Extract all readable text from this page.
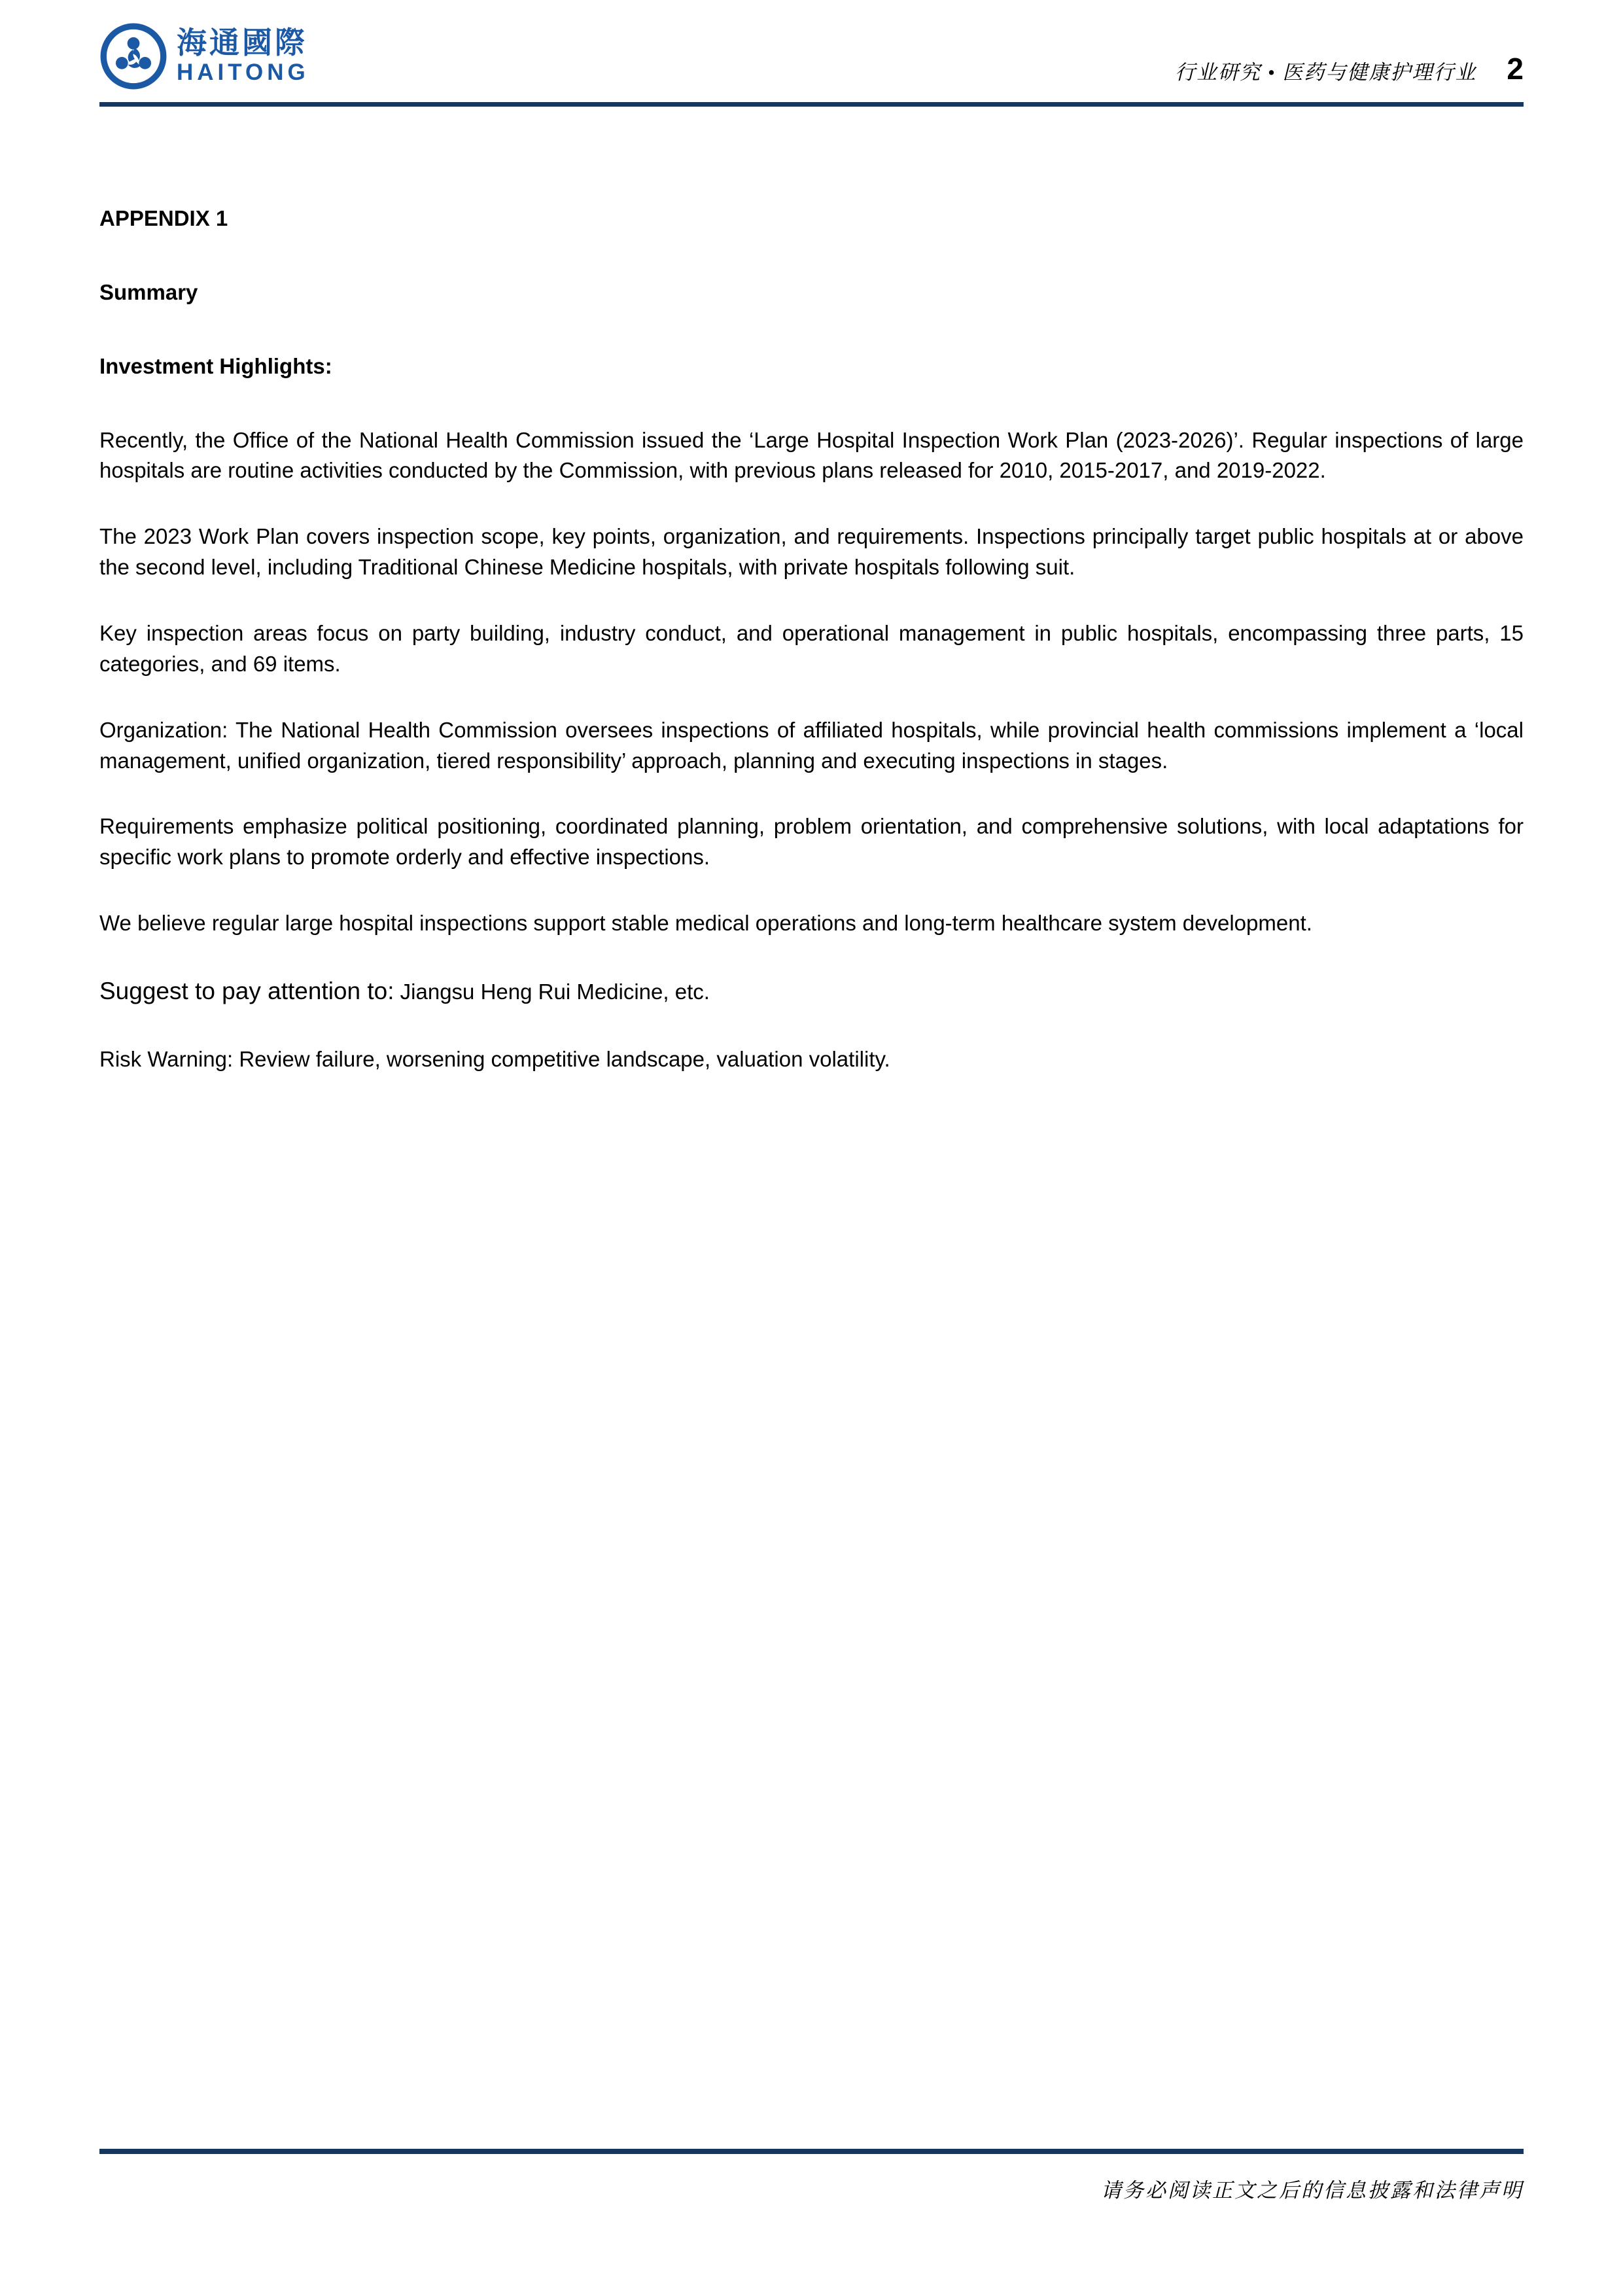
海通國際
HAITONG	行业研究 • 医药与健康护理行业 2

APPENDIX 1

Summary

Investment Highlights:

Recently, the Office of the National Health Commission issued the ‘Large Hospital Inspection Work Plan (2023-2026)’. Regular inspections of large hospitals are routine activities conducted by the Commission, with previous plans released for 2010, 2015-2017, and 2019-2022.

The 2023 Work Plan covers inspection scope, key points, organization, and requirements. Inspections principally target public hospitals at or above the second level, including Traditional Chinese Medicine hospitals, with private hospitals following suit.

Key inspection areas focus on party building, industry conduct, and operational management in public hospitals, encompassing three parts, 15 categories, and 69 items.

Organization: The National Health Commission oversees inspections of affiliated hospitals, while provincial health commissions implement a ‘local management, unified organization, tiered responsibility’ approach, planning and executing inspections in stages.

Requirements emphasize political positioning, coordinated planning, problem orientation, and comprehensive solutions, with local adaptations for specific work plans to promote orderly and effective inspections.

We believe regular large hospital inspections support stable medical operations and long-term healthcare system development.

Suggest to pay attention to: Jiangsu Heng Rui Medicine, etc.

Risk Warning: Review failure, worsening competitive landscape, valuation volatility.

请务必阅读正文之后的信息披露和法律声明
